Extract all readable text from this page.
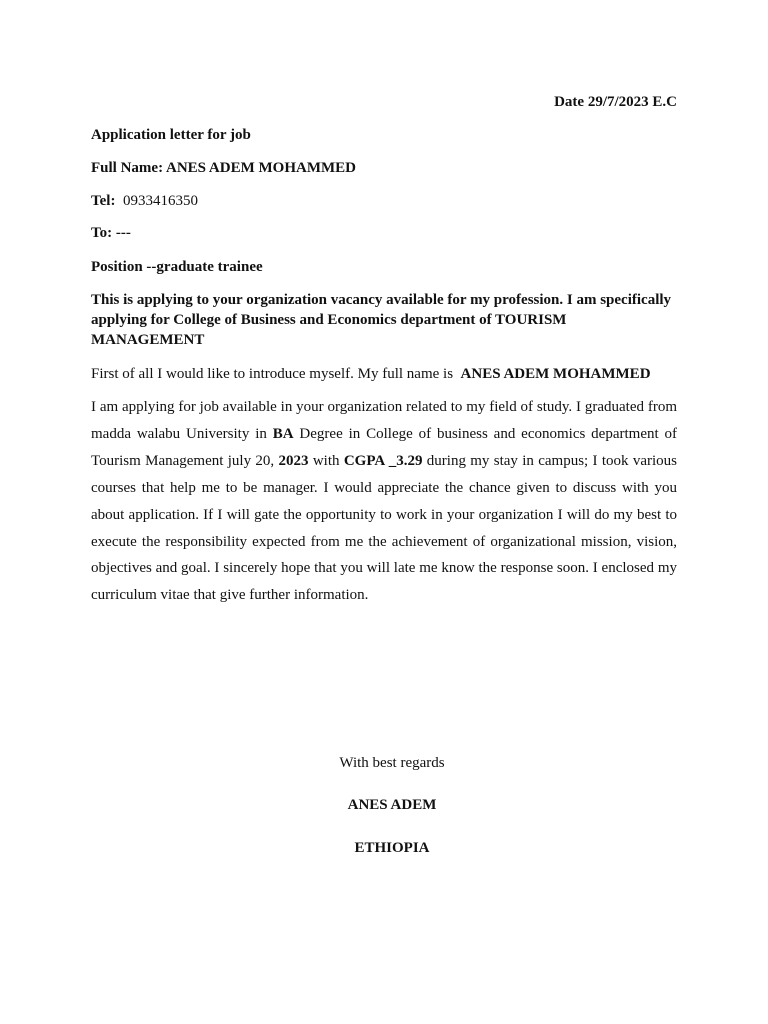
Date 29/7/2023 E.C

Application letter for job

Full Name: ANES ADEM MOHAMMED

Tel: 0933416350

To: ---

Position --graduate trainee

This is applying to your organization vacancy available for my profession. I am specifically applying for College of Business and Economics department of TOURISM MANAGEMENT

First of all I would like to introduce myself. My full name is ANES ADEM MOHAMMED

I am applying for job available in your organization related to my field of study. I graduated from madda walabu University in BA Degree in College of business and economics department of Tourism Management july 20, 2023 with CGPA _3.29 during my stay in campus; I took various courses that help me to be manager. I would appreciate the chance given to discuss with you about application. If I will gate the opportunity to work in your organization I will do my best to execute the responsibility expected from me the achievement of organizational mission, vision, objectives and goal. I sincerely hope that you will late me know the response soon. I enclosed my curriculum vitae that give further information.

With best regards

ANES ADEM

ETHIOPIA
